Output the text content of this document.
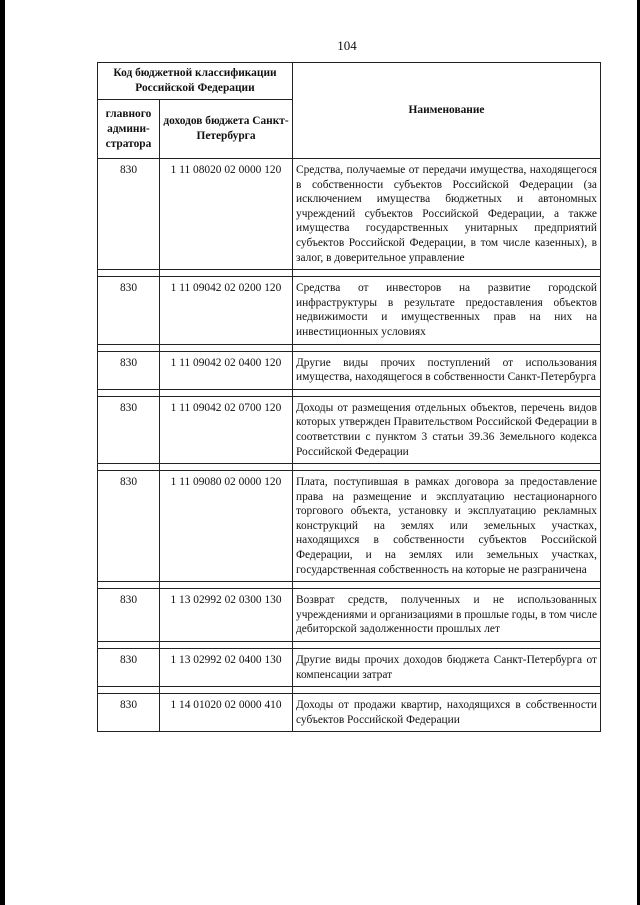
104
Код бюджетной классификации Российской Федерации		Наименование
главного админи-стратора	доходов бюджета Санкт-Петербурга	
830	1 11 08020 02 0000 120	Средства, получаемые от передачи имущества, находящегося в собственности субъектов Российской Федерации (за исключением имущества бюджетных и автономных учреждений субъектов Российской Федерации, а также имущества государственных унитарных предприятий субъектов Российской Федерации, в том числе казенных), в залог, в доверительное управление

830	1 11 09042 02 0200 120	Средства от инвесторов на развитие городской инфраструктуры в результате предоставления объектов недвижимости и имущественных прав на них на инвестиционных условиях

830	1 11 09042 02 0400 120	Другие виды прочих поступлений от использования имущества, находящегося в собственности Санкт-Петербурга

830	1 11 09042 02 0700 120	Доходы от размещения отдельных объектов, перечень видов которых утвержден Правительством Российской Федерации в соответствии с пунктом 3 статьи 39.36 Земельного кодекса Российской Федерации

830	1 11 09080 02 0000 120	Плата, поступившая в рамках договора за предоставление права на размещение и эксплуатацию нестационарного торгового объекта, установку и эксплуатацию рекламных конструкций на землях или земельных участках, находящихся в собственности субъектов Российской Федерации, и на землях или земельных участках, государственная собственность на которые не разграничена

830	1 13 02992 02 0300 130	Возврат средств, полученных и не использованных учреждениями и организациями в прошлые годы, в том числе дебиторской задолженности прошлых лет

830	1 13 02992 02 0400 130	Другие виды прочих доходов бюджета Санкт-Петербурга от компенсации затрат

830	1 14 01020 02 0000 410	Доходы от продажи квартир, находящихся в собственности субъектов Российской Федерации
